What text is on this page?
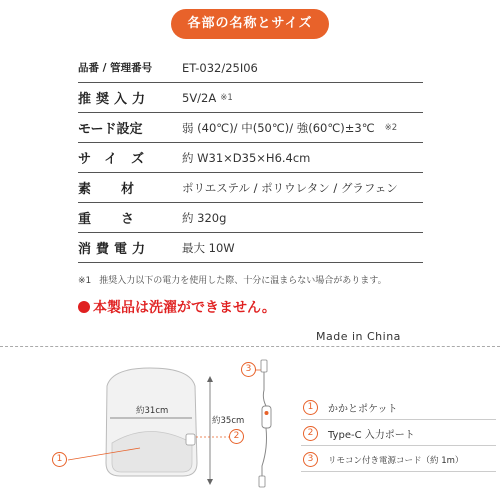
各部の名称とサイズ
品番 / 管理番号	ET-032/25I06
推奨入力	5V/2A ※1
モード設定	弱 (40℃)/ 中(50℃)/ 強(60℃)±3℃ ※2
サイズ	約 W31×D35×H6.4cm
素材	ポリエステル / ポリウレタン / グラフェン
重さ	約 320g
消費電力	最大 10W
※1 推奨入力以下の電力を使用した際、十分に温まらない場合があります。
本製品は洗濯ができません。
Made in China
約31cm
約35cm
1
2
3
1	かかとポケット
2	Type-C 入力ポート
3	リモコン付き電源コード（約 1m）
